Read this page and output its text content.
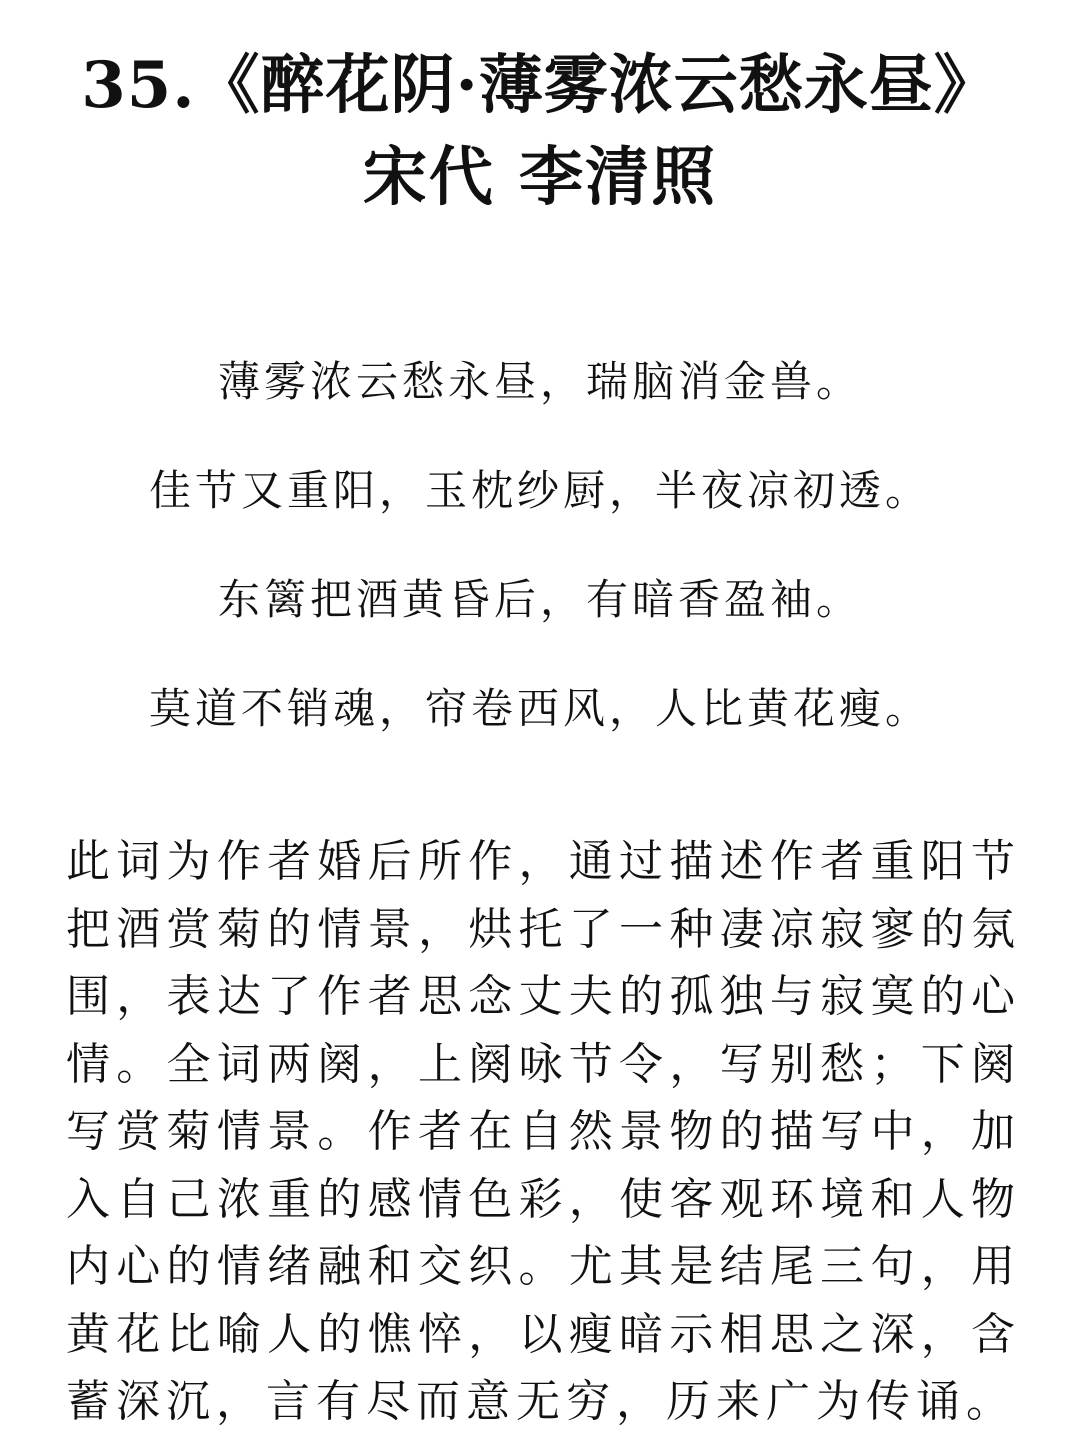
35.《醉花阴·薄雾浓云愁永昼》
宋代 李清照
薄雾浓云愁永昼，瑞脑消金兽。
佳节又重阳，玉枕纱厨，半夜凉初透。
东篱把酒黄昏后，有暗香盈袖。
莫道不销魂，帘卷西风，人比黄花瘦。
此词为作者婚后所作，通过描述作者重阳节把酒赏菊的情景，烘托了一种凄凉寂寥的氛围，表达了作者思念丈夫的孤独与寂寞的心情。全词两阕，上阕咏节令，写别愁；下阕写赏菊情景。作者在自然景物的描写中，加入自己浓重的感情色彩，使客观环境和人物内心的情绪融和交织。尤其是结尾三句，用黄花比喻人的憔悴，以瘦暗示相思之深，含蓄深沉，言有尽而意无穷，历来广为传诵。
